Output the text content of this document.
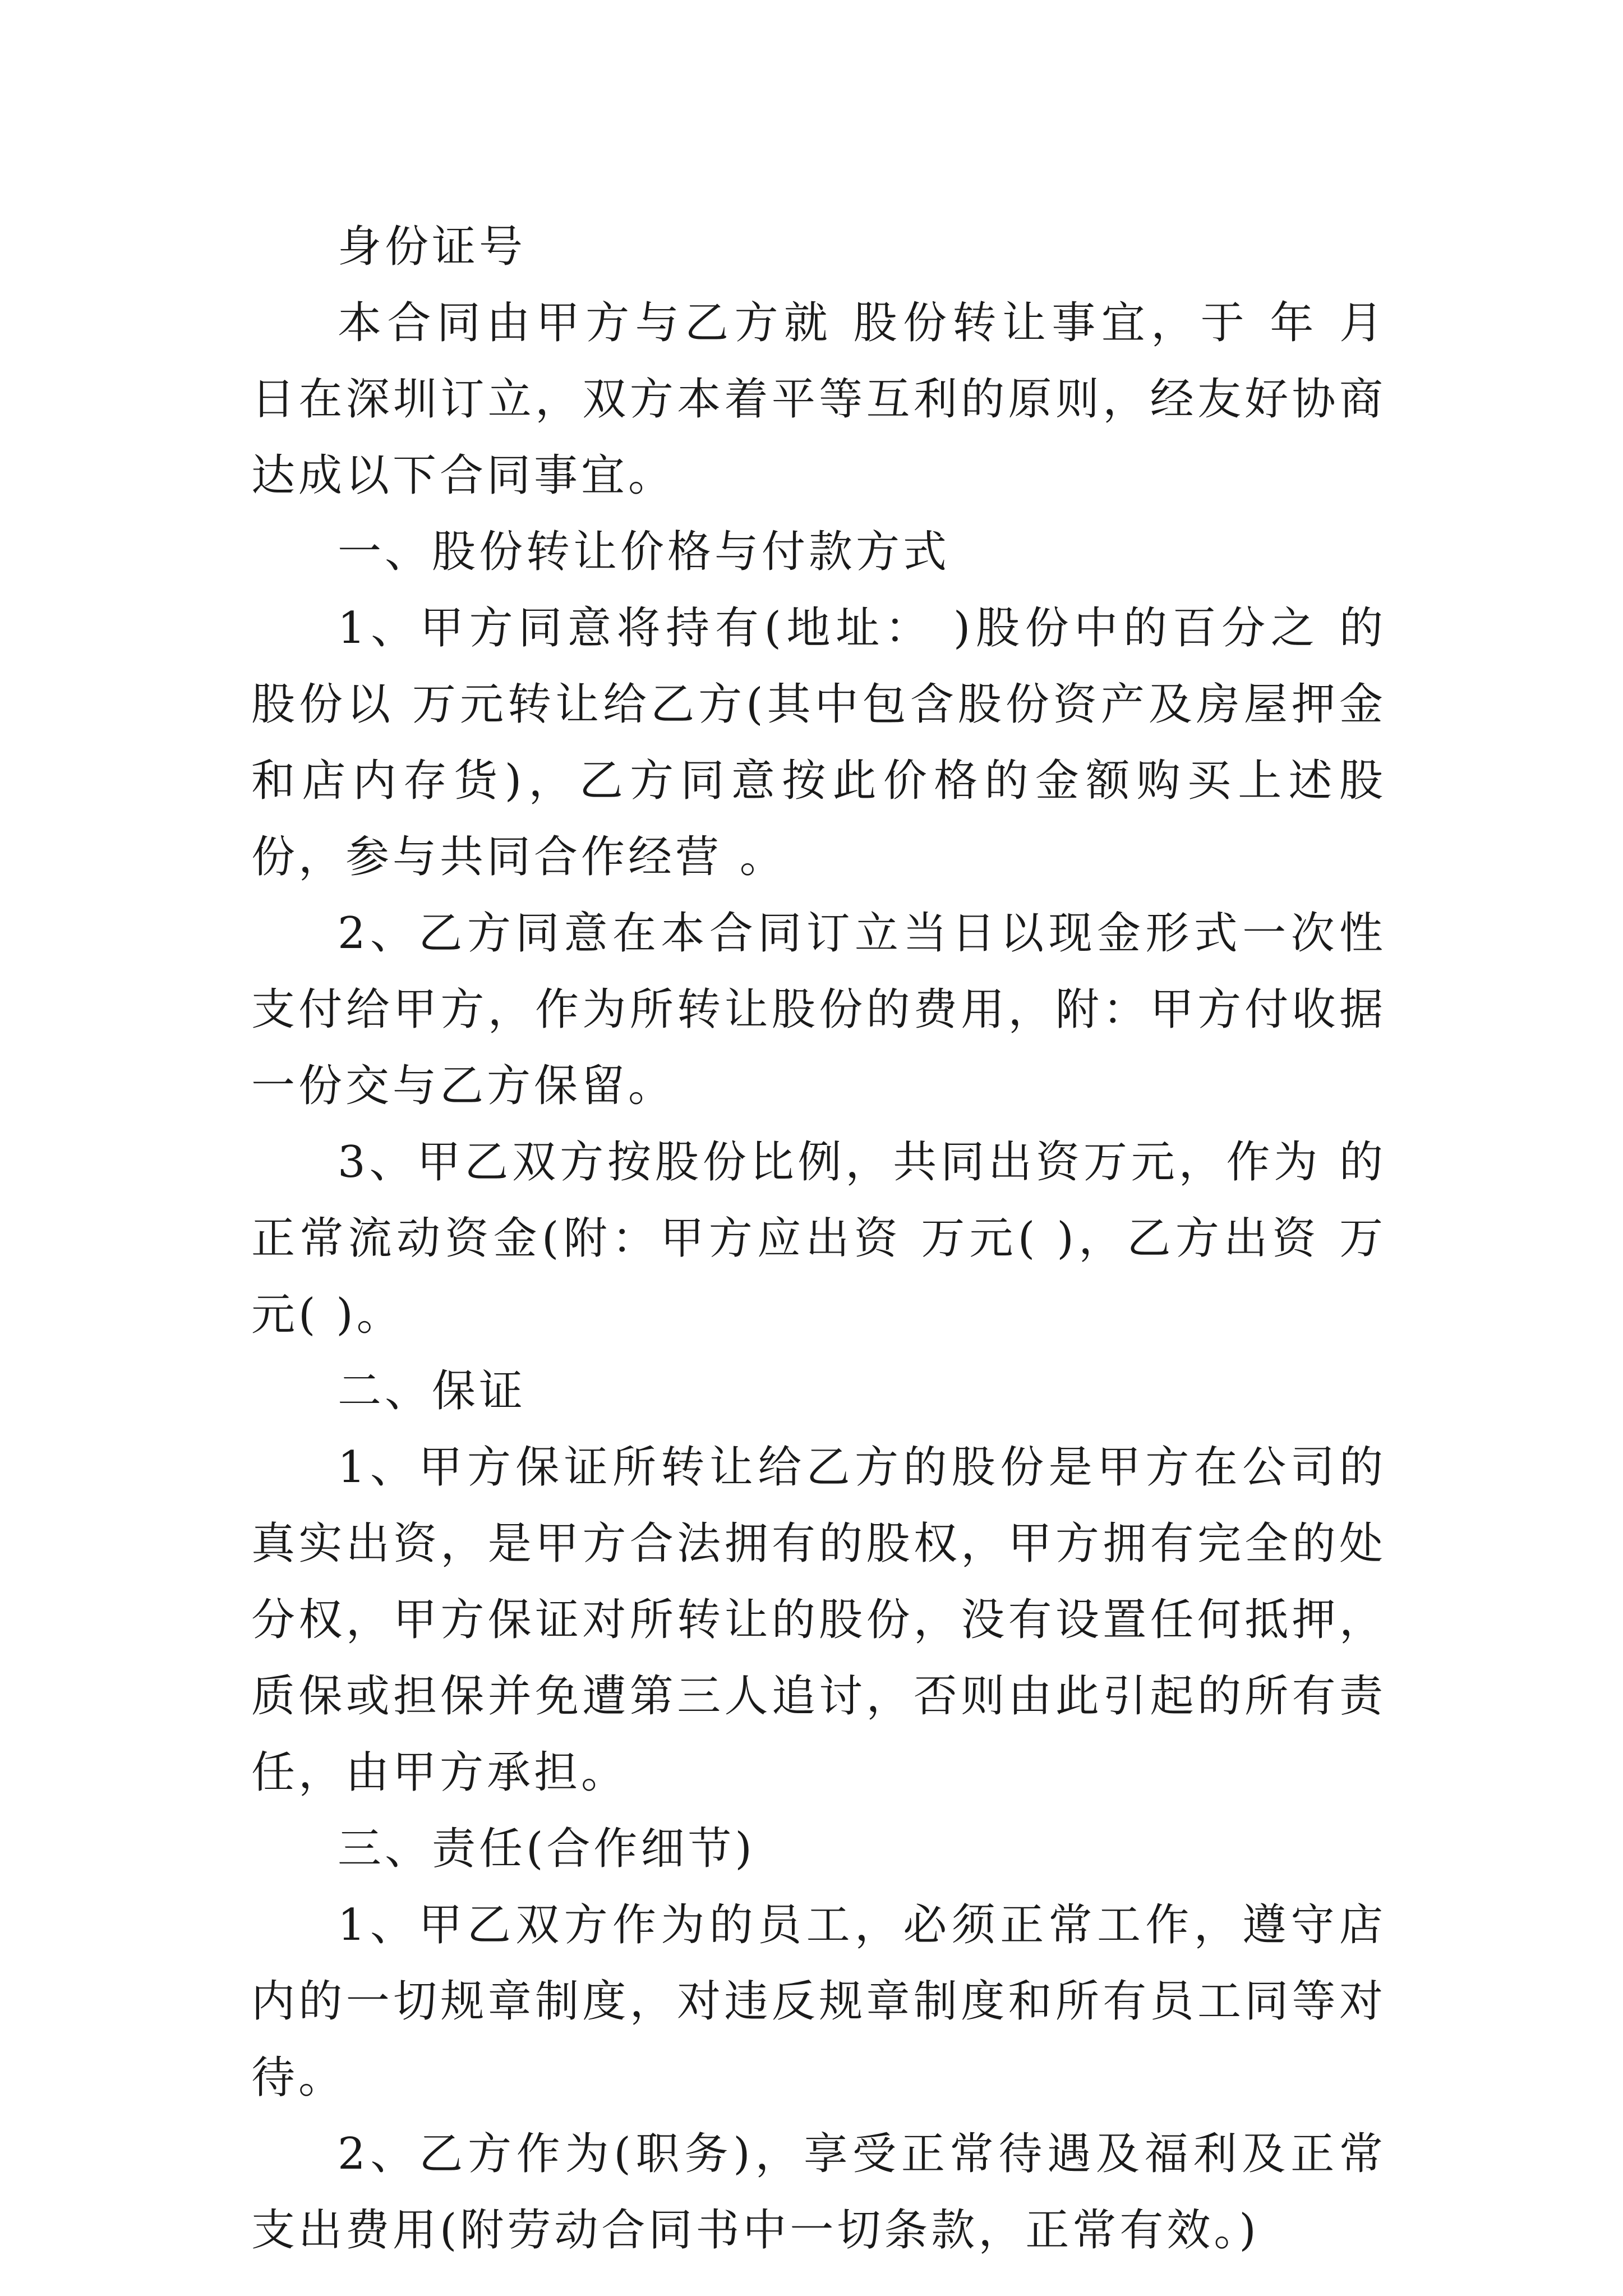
身份证号

本合同由甲方与乙方就 股份转让事宜，于 年 月 日在深圳订立，双方本着平等互利的原则，经友好协商达成以下合同事宜。

一、股份转让价格与付款方式

1、甲方同意将持有(地址： )股份中的百分之 的股份以 万元转让给乙方(其中包含股份资产及房屋押金和店内存货)，乙方同意按此价格的金额购买上述股份，参与共同合作经营 。

2、乙方同意在本合同订立当日以现金形式一次性支付给甲方，作为所转让股份的费用，附：甲方付收据一份交与乙方保留。

3、甲乙双方按股份比例，共同出资万元，作为 的正常流动资金(附：甲方应出资 万元( )，乙方出资 万元( )。

二、保证

1、甲方保证所转让给乙方的股份是甲方在公司的真实出资，是甲方合法拥有的股权，甲方拥有完全的处分权，甲方保证对所转让的股份，没有设置任何抵押，质保或担保并免遭第三人追讨，否则由此引起的所有责任，由甲方承担。

三、责任(合作细节)

1、甲乙双方作为的员工，必须正常工作，遵守店内的一切规章制度，对违反规章制度和所有员工同等对待。

2、乙方作为(职务)，享受正常待遇及福利及正常支出费用(附劳动合同书中一切条款，正常有效。)
